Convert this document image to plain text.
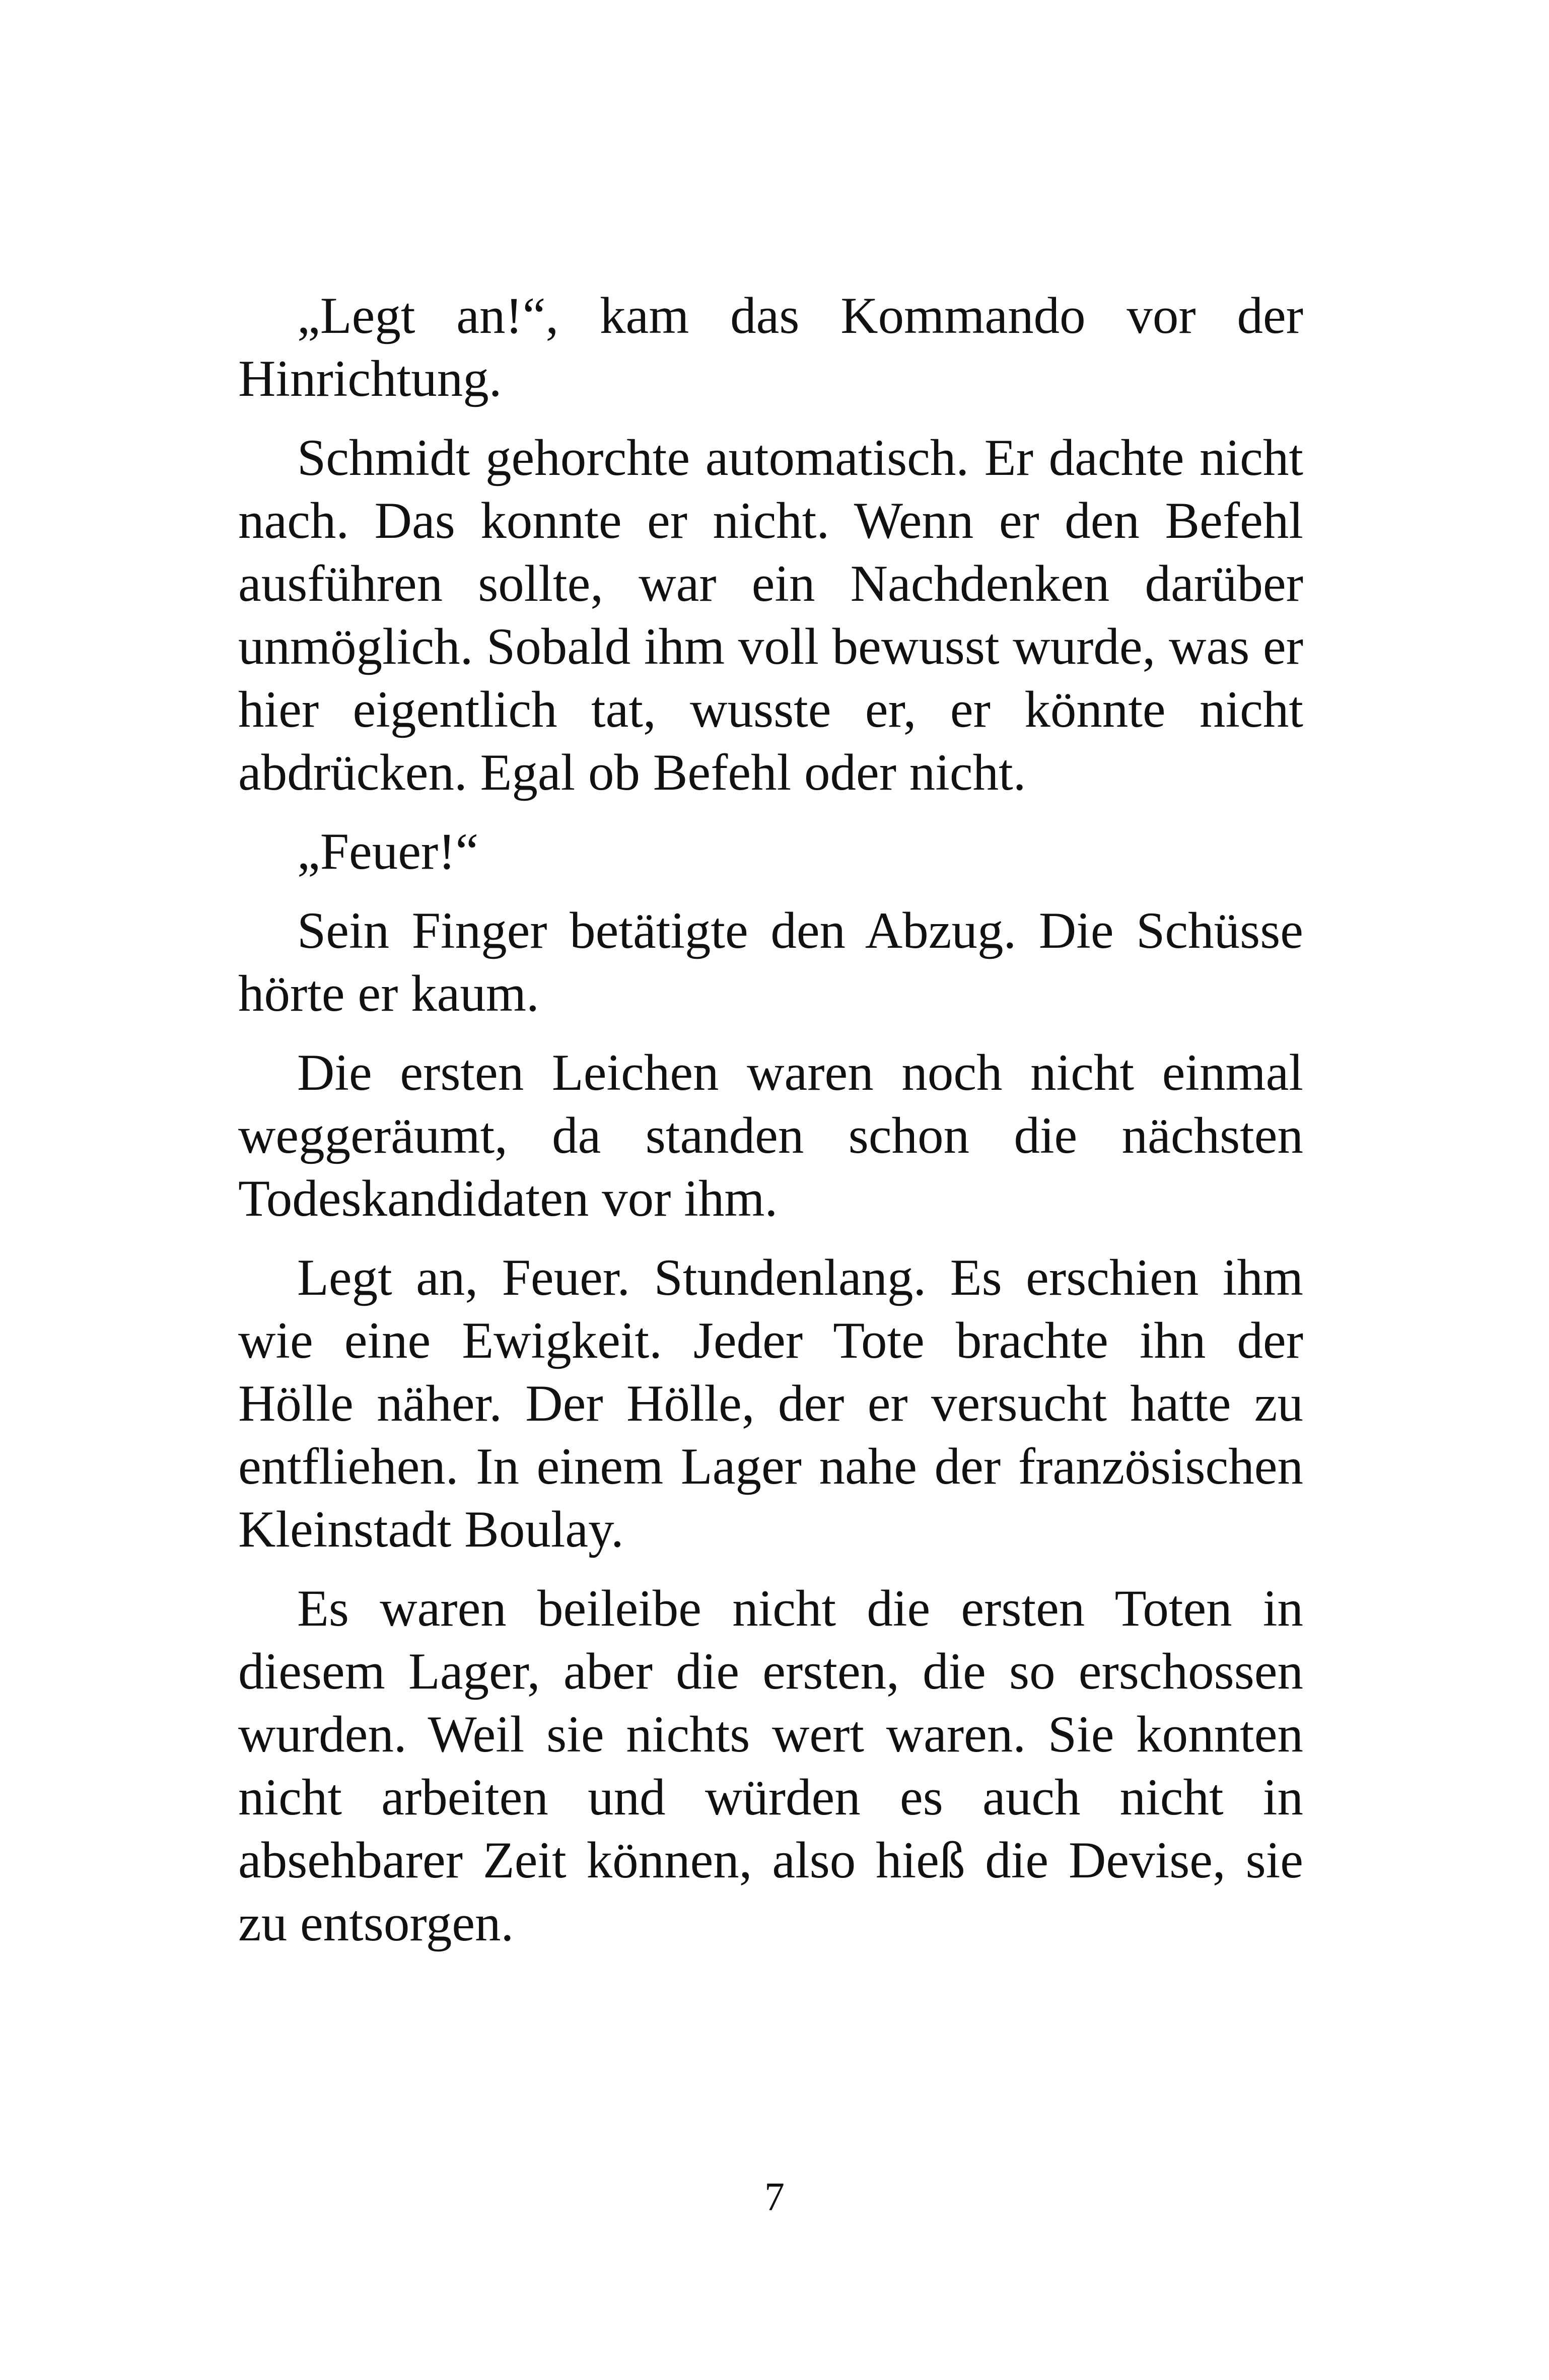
„Legt an!“, kam das Kommando vor der Hinrichtung.

Schmidt gehorchte automatisch. Er dachte nicht nach. Das konnte er nicht. Wenn er den Befehl ausführen sollte, war ein Nachdenken darüber unmöglich. Sobald ihm voll bewusst wurde, was er hier eigentlich tat, wusste er, er könnte nicht abdrücken. Egal ob Befehl oder nicht.

„Feuer!“

Sein Finger betätigte den Abzug. Die Schüsse hörte er kaum.

Die ersten Leichen waren noch nicht einmal weggeräumt, da standen schon die nächsten Todeskandidaten vor ihm.

Legt an, Feuer. Stundenlang. Es erschien ihm wie eine Ewigkeit. Jeder Tote brachte ihn der Hölle näher. Der Hölle, der er versucht hatte zu entfliehen. In einem Lager nahe der französischen Kleinstadt Boulay.

Es waren beileibe nicht die ersten Toten in diesem Lager, aber die ersten, die so erschossen wurden. Weil sie nichts wert waren. Sie konnten nicht arbeiten und würden es auch nicht in absehbarer Zeit können, also hieß die Devise, sie zu entsorgen.

7
